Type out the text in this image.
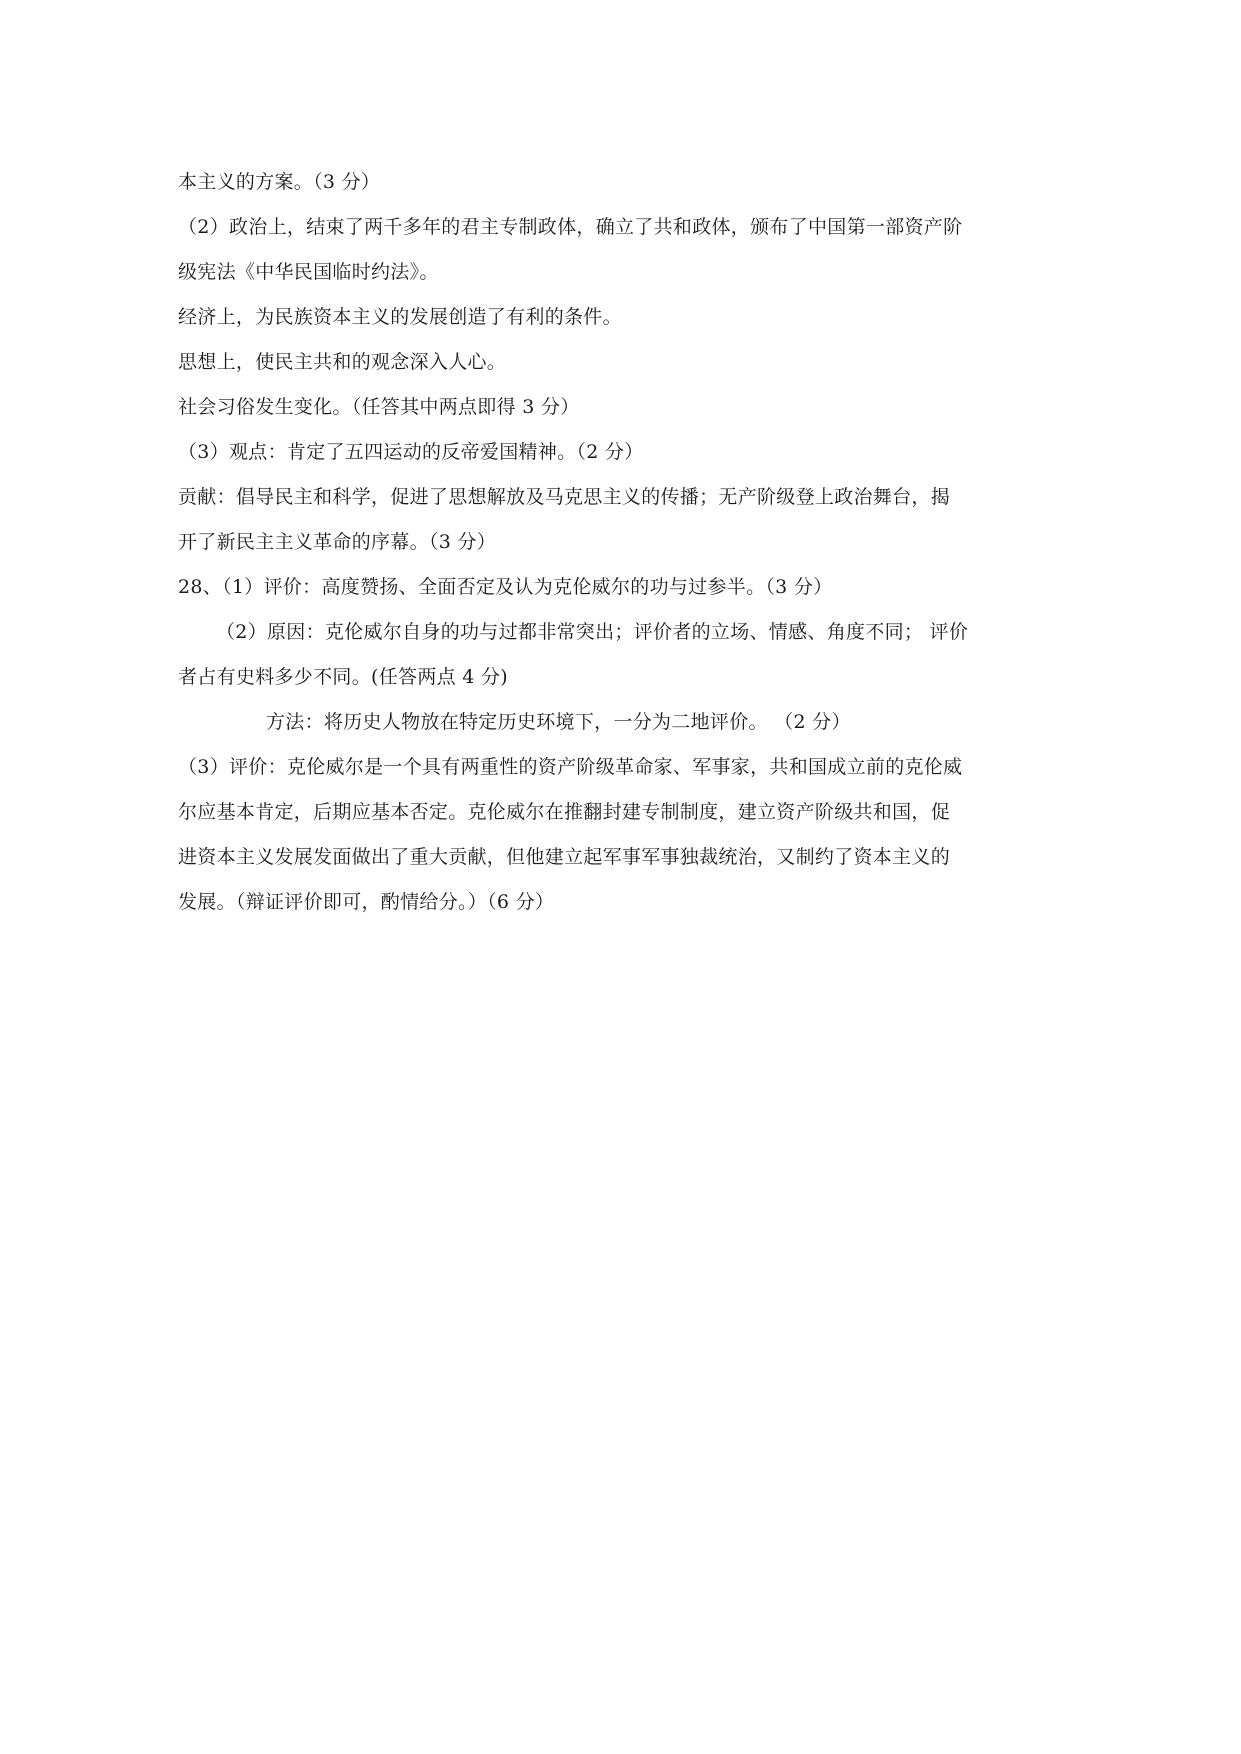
本主义的方案。（3 分）
（2）政治上，结束了两千多年的君主专制政体，确立了共和政体，颁布了中国第一部资产阶
级宪法《中华民国临时约法》。
经济上，为民族资本主义的发展创造了有利的条件。
思想上，使民主共和的观念深入人心。
社会习俗发生变化。（任答其中两点即得 3 分）
（3）观点：肯定了五四运动的反帝爱国精神。（2 分）
贡献：倡导民主和科学，促进了思想解放及马克思主义的传播；无产阶级登上政治舞台，揭
开了新民主主义革命的序幕。（3 分）
28、（1）评价：高度赞扬、全面否定及认为克伦威尔的功与过参半。（3 分）
（2）原因：克伦威尔自身的功与过都非常突出；评价者的立场、情感、角度不同； 评价
者占有史料多少不同。(任答两点 4 分)
方法：将历史人物放在特定历史环境下，一分为二地评价。 （2 分）
（3）评价：克伦威尔是一个具有两重性的资产阶级革命家、军事家，共和国成立前的克伦威
尔应基本肯定，后期应基本否定。克伦威尔在推翻封建专制制度，建立资产阶级共和国，促
进资本主义发展发面做出了重大贡献，但他建立起军事军事独裁统治，又制约了资本主义的
发展。（辩证评价即可，酌情给分。）（6 分）
